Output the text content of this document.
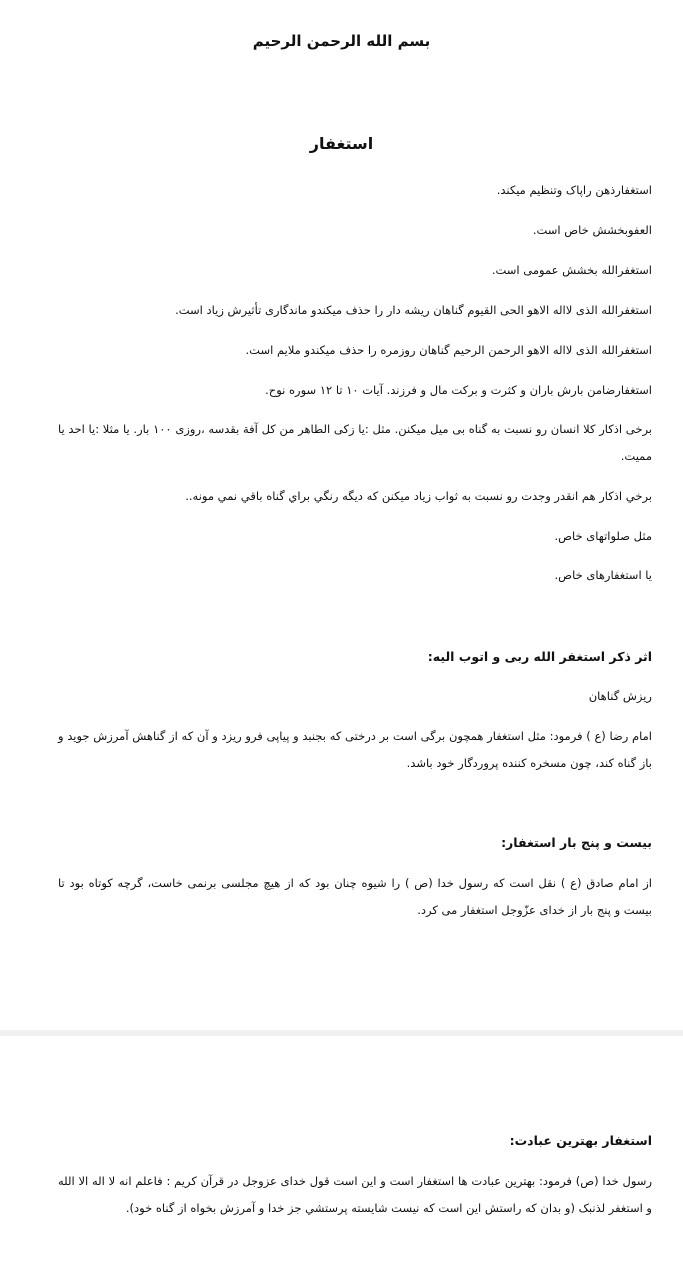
بسم الله الرحمن الرحیم
استغفار
استغفارذهن راپاک وتنظیم میکند.
العفوبخشش خاص است.
استغفرالله بخشش عمومی است.
استغفرالله الذی لااله الاهو الحی القیوم گناهان ریشه دار را حذف میکندو ماندگاری تأثیرش زیاد است.
استغفرالله الذی لااله الاهو الرحمن الرحیم گناهان روزمره را حذف میکندو ملایم است.
استغفارضامن بارش باران و کثرت و برکت مال و فرزند. آیات ۱۰ تا ۱۲ سوره نوح.
برخی اذکار کلا انسان رو نسبت به گناه بی میل میکنن. مثل :یا زکی الطاهر من کل آفة بقدسه ،روزی ۱۰۰ بار. یا مثلا :یا احد یا ممیت.
برخي اذكار هم انقدر وجدت رو نسبت به ثواب زياد ميكنن كه ديگه رنگي براي گناه باقي نمي مونه..
مثل صلواتهای خاص.
یا استغفارهای خاص.
اثر ذکر استغفر الله ربی و اتوب الیه:
ریزش گناهان
امام رضا (ع ) فرمود: مثل استغفار همچون برگی است بر درختی که بجنبد و پیاپی فرو ریزد و آن که از گناهش آمرزش جوید و باز گناه کند، چون مسخره کننده پروردگار خود باشد.
بیست و پنج بار استغفار:
از امام صادق (ع ) نقل است که رسول خدا (ص ) را شیوه چنان بود که از هیچ مجلسی برنمی خاست، گرچه کوتاه بود تا بیست و پنج بار از خدای عزّوجل استغفار می کرد.
استغفار بهترین عبادت:
رسول خدا (ص) فرمود: بهترین عبادت ها استغفار است و این است قول خدای عزوجل در قرآن کریم : فاعلم انه لا اله الا الله و استغفر لذنبک (و بدان که راستش این است که نیست شایسته پرستشي جز خدا و آمرزش بخواه از گناه خود).
